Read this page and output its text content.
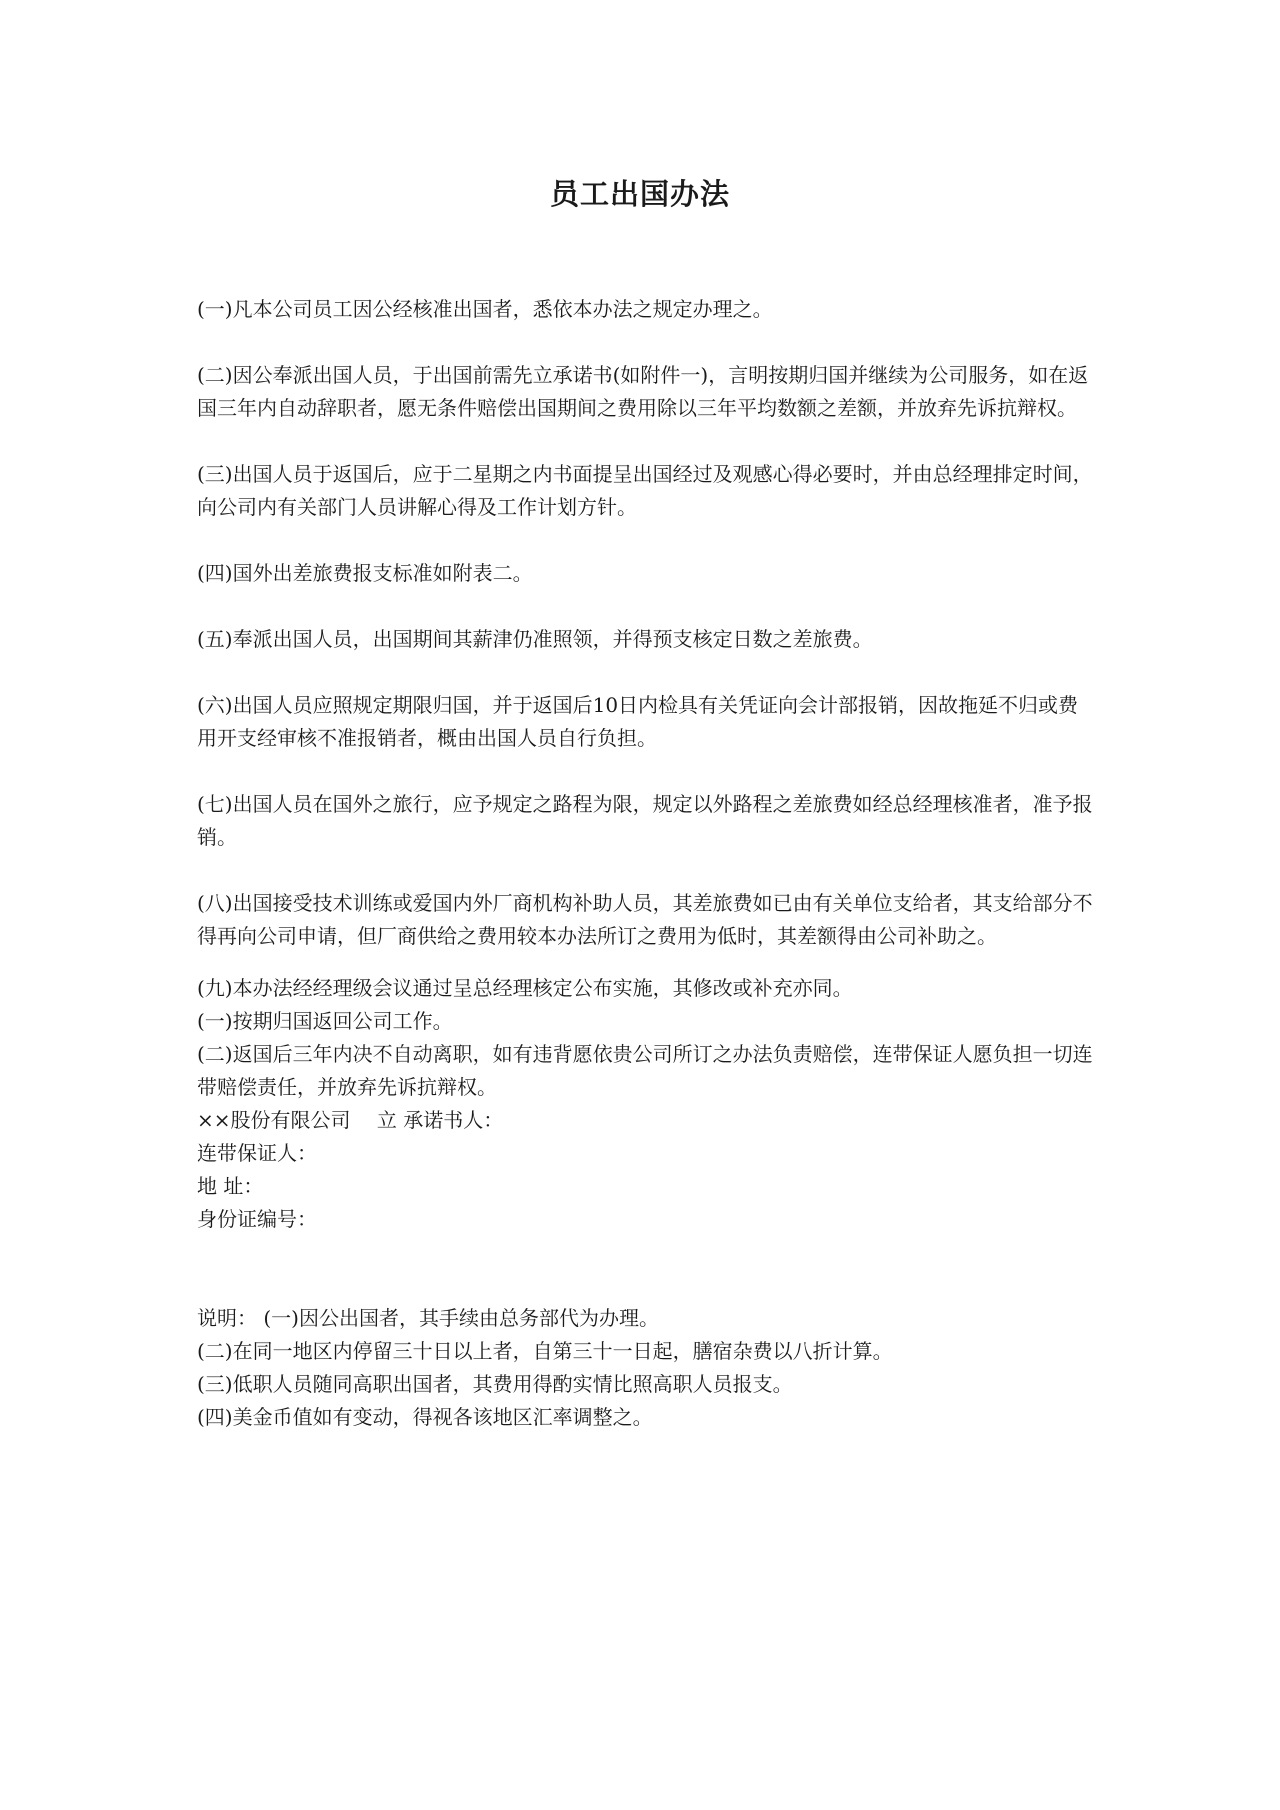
员工出国办法

(一)凡本公司员工因公经核准出国者，悉依本办法之规定办理之。

(二)因公奉派出国人员，于出国前需先立承诺书(如附件一)，言明按期归国并继续为公司服务，如在返国三年内自动辞职者，愿无条件赔偿出国期间之费用除以三年平均数额之差额，并放弃先诉抗辩权。

(三)出国人员于返国后，应于二星期之内书面提呈出国经过及观感心得必要时，并由总经理排定时间，向公司内有关部门人员讲解心得及工作计划方针。

(四)国外出差旅费报支标准如附表二。

(五)奉派出国人员，出国期间其薪津仍准照领，并得预支核定日数之差旅费。

(六)出国人员应照规定期限归国，并于返国后10日内检具有关凭证向会计部报销，因故拖延不归或费用开支经审核不准报销者，概由出国人员自行负担。

(七)出国人员在国外之旅行，应予规定之路程为限，规定以外路程之差旅费如经总经理核准者，准予报销。

(八)出国接受技术训练或爱国内外厂商机构补助人员，其差旅费如已由有关单位支给者，其支给部分不得再向公司申请，但厂商供给之费用较本办法所订之费用为低时，其差额得由公司补助之。

(九)本办法经经理级会议通过呈总经理核定公布实施，其修改或补充亦同。

(一)按期归国返回公司工作。

(二)返国后三年内决不自动离职，如有违背愿依贵公司所订之办法负责赔偿，连带保证人愿负担一切连带赔偿责任，并放弃先诉抗辩权。

××股份有限公司　 立 承诺书人：

连带保证人：

地 址：

身份证编号：

说明： (一)因公出国者，其手续由总务部代为办理。

(二)在同一地区内停留三十日以上者，自第三十一日起，膳宿杂费以八折计算。

(三)低职人员随同高职出国者，其费用得酌实情比照高职人员报支。

(四)美金币值如有变动，得视各该地区汇率调整之。
